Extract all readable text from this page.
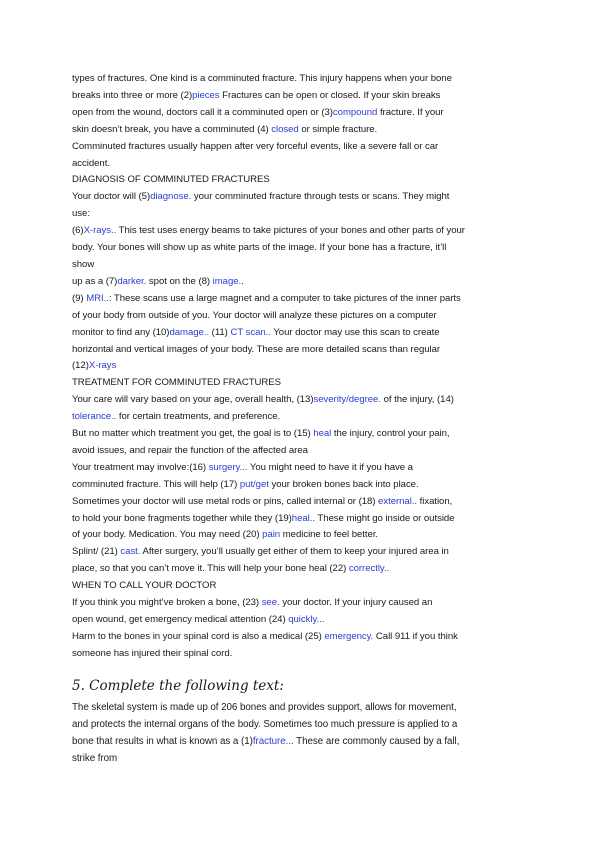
types of fractures. One kind is a comminuted fracture. This injury happens when your bone
breaks into three or more (2)pieces Fractures can be open or closed. If your skin breaks
open from the wound, doctors call it a comminuted open or (3)compound fracture. If your
skin doesn’t break, you have a comminuted (4) closed or simple fracture.
Comminuted fractures usually happen after very forceful events, like a severe fall or car
accident.
DIAGNOSIS OF COMMINUTED FRACTURES
Your doctor will (5)diagnose. your comminuted fracture through tests or scans. They might
use:
(6)X-rays.. This test uses energy beams to take pictures of your bones and other parts of your
body. Your bones will show up as white parts of the image. If your bone has a fracture, it’ll
show
up as a (7)darker. spot on the (8) image..
(9) MRI..: These scans use a large magnet and a computer to take pictures of the inner parts
of your body from outside of you. Your doctor will analyze these pictures on a computer
monitor to find any (10)damage.. (11) CT scan.. Your doctor may use this scan to create
horizontal and vertical images of your body. These are more detailed scans than regular
(12)X-rays
TREATMENT FOR COMMINUTED FRACTURES
Your care will vary based on your age, overall health, (13)severity/degree. of the injury, (14)
tolerance.. for certain treatments, and preference.
But no matter which treatment you get, the goal is to (15) heal the injury, control your pain,
avoid issues, and repair the function of the affected area
Your treatment may involve:(16) surgery... You might need to have it if you have a
comminuted fracture. This will help (17) put/get your broken bones back into place.
Sometimes your doctor will use metal rods or pins, called internal or (18) external.. fixation,
to hold your bone fragments together while they (19)heal.. These might go inside or outside
of your body. Medication. You may need (20) pain medicine to feel better.
Splint/ (21) cast. After surgery, you’ll usually get either of them to keep your injured area in
place, so that you can’t move it. This will help your bone heal (22) correctly..
WHEN TO CALL YOUR DOCTOR
If you think you might’ve broken a bone, (23) see. your doctor. If your injury caused an
open wound, get emergency medical attention (24) quickly...
Harm to the bones in your spinal cord is also a medical (25) emergency. Call 911 if you think
someone has injured their spinal cord.
5. Complete the following text:
The skeletal system is made up of 206 bones and provides support, allows for movement,
and protects the internal organs of the body. Sometimes too much pressure is applied to a
bone that results in what is known as a (1)fracture... These are commonly caused by a fall,
strike from
